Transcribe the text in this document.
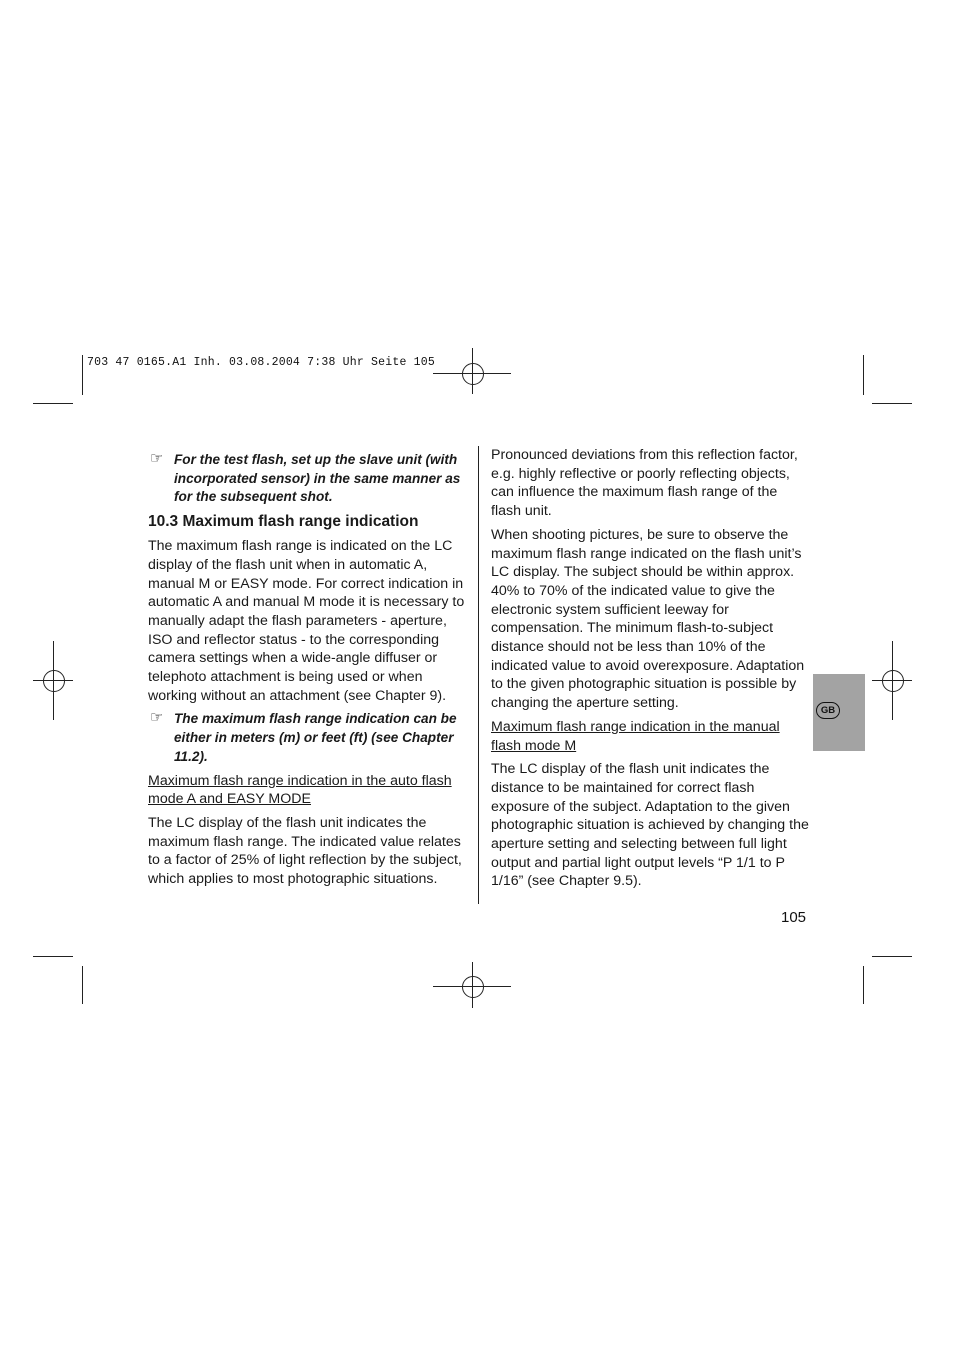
703 47 0165.A1 Inh. 03.08.2004 7:38 Uhr Seite 105
☞ For the test flash, set up the slave unit (with incorporated sensor) in the same manner as for the subsequent shot.
10.3 Maximum flash range indication

The maximum flash range is indicated on the LC display of the flash unit when in automatic A, manual M or EASY mode. For correct indication in automatic A and manual M mode it is necessary to manually adapt the flash parameters - aperture, ISO and reflector status - to the corresponding camera settings when a wide-angle diffuser or telephoto attachment is being used or when working without an attachment (see Chapter 9).

☞ The maximum flash range indication can be either in meters (m) or feet (ft) (see Chapter 11.2).

Maximum flash range indication in the auto flash mode A and EASY MODE

The LC display of the flash unit indicates the maximum flash range. The indicated value relates to a factor of 25% of light reflection by the subject, which applies to most photographic situations.

Pronounced deviations from this reflection factor, e.g. highly reflective or poorly reflecting objects, can influence the maximum flash range of the flash unit.

When shooting pictures, be sure to observe the maximum flash range indicated on the flash unit’s LC display. The subject should be within approx. 40% to 70% of the indicated value to give the electronic system sufficient leeway for compensation. The minimum flash-to-subject distance should not be less than 10% of the indicated value to avoid overexposure. Adaptation to the given photographic situation is possible by changing the aperture setting.

Maximum flash range indication in the manual flash mode M

The LC display of the flash unit indicates the distance to be maintained for correct flash exposure of the subject. Adaptation to the given photographic situation is achieved by changing the aperture setting and selecting between full light output and partial light output levels “P 1/1 to P 1/16” (see Chapter 9.5).

GB
105
